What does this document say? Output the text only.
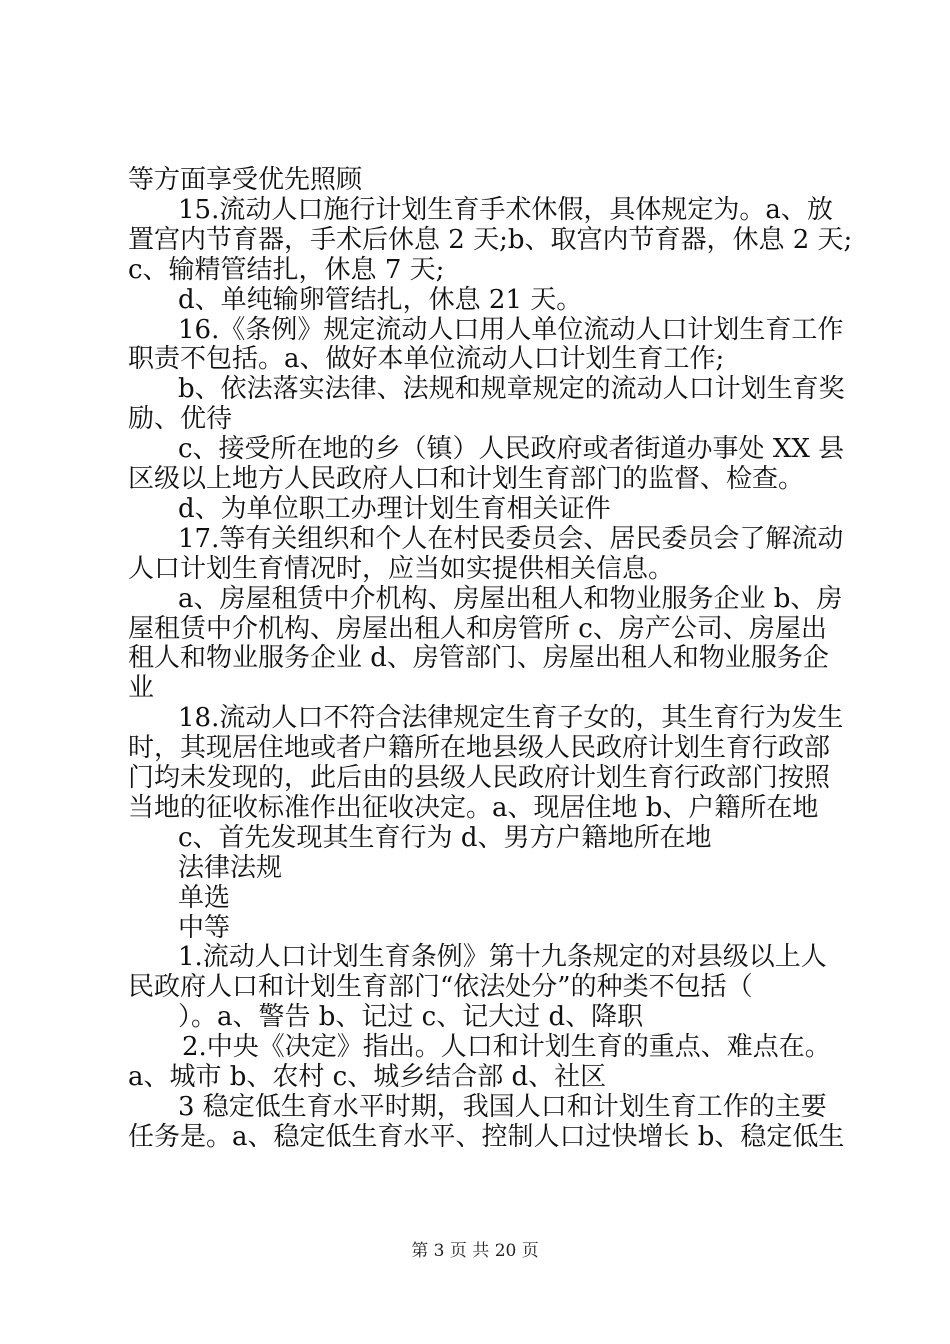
等方面享受优先照顾
15.流动人口施行计划生育手术休假，具体规定为。a、放
置宫内节育器，手术后休息 2 天;b、取宫内节育器，休息 2 天;
c、输精管结扎，休息 7 天;
d、单纯输卵管结扎，休息 21 天。
16.《条例》规定流动人口用人单位流动人口计划生育工作
职责不包括。a、做好本单位流动人口计划生育工作;
b、依法落实法律、法规和规章规定的流动人口计划生育奖
励、优待
c、接受所在地的乡（镇）人民政府或者街道办事处 XX 县
区级以上地方人民政府人口和计划生育部门的监督、检查。
d、为单位职工办理计划生育相关证件
17.等有关组织和个人在村民委员会、居民委员会了解流动
人口计划生育情况时，应当如实提供相关信息。
a、房屋租赁中介机构、房屋出租人和物业服务企业 b、房
屋租赁中介机构、房屋出租人和房管所 c、房产公司、房屋出
租人和物业服务企业 d、房管部门、房屋出租人和物业服务企
业
18.流动人口不符合法律规定生育子女的，其生育行为发生
时，其现居住地或者户籍所在地县级人民政府计划生育行政部
门均未发现的，此后由的县级人民政府计划生育行政部门按照
当地的征收标准作出征收决定。a、现居住地 b、户籍所在地
c、首先发现其生育行为 d、男方户籍地所在地
法律法规
单选
中等
1.流动人口计划生育条例》第十九条规定的对县级以上人
民政府人口和计划生育部门“依法处分”的种类不包括（
）。a、警告 b、记过 c、记大过 d、降职
2.中央《决定》指出。人口和计划生育的重点、难点在。
a、城市 b、农村 c、城乡结合部 d、社区
3 稳定低生育水平时期，我国人口和计划生育工作的主要
任务是。a、稳定低生育水平、控制人口过快增长 b、稳定低生
第 3 页 共 20 页
